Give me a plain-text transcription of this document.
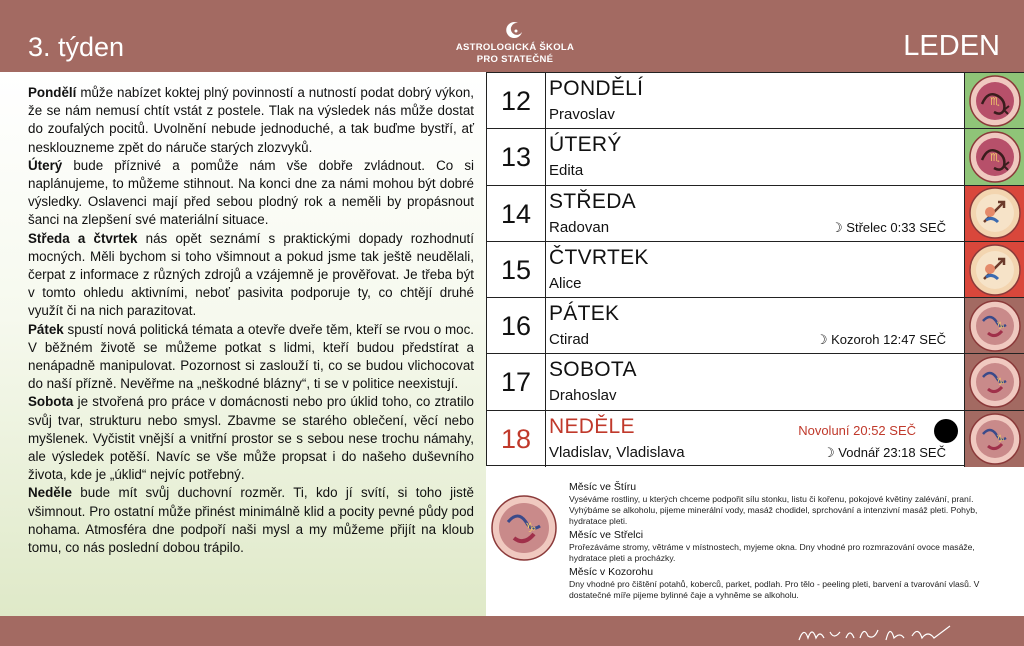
3. týden	ASTROLOGICKÁ ŠKOLA
PRO STATEČNÉ	LEDEN

Pondělí může nabízet koktej plný povinností a nutností podat dobrý výkon, že se nám nemusí chtít vstát z postele. Tlak na výsledek nás může dostat do zoufalých pocitů. Uvolnění nebude jednoduché, a tak buďme bystří, ať nesklouzneme zpět do náruče starých zlozvyků.

Úterý bude příznivé a pomůže nám vše dobře zvládnout. Co si naplánujeme, to můžeme stihnout. Na konci dne za námi mohou být dobré výsledky. Oslavenci mají před sebou plodný rok a neměli by propásnout šanci na zlepšení své materiální situace.

Středa a čtvrtek nás opět seznámí s praktickými dopady rozhodnutí mocných. Měli bychom si toho všimnout a pokud jsme tak ještě neudělali, čerpat z informace z různých zdrojů a vzájemně je prověřovat. Je třeba být v tomto ohledu aktivními, neboť pasivita podporuje ty, co chtějí druhé využít či na nich parazitovat.

Pátek spustí nová politická témata a otevře dveře těm, kteří se rvou o moc. V běžném životě se můžeme potkat s lidmi, kteří budou předstírat a nenápadně manipulovat. Pozornost si zaslouží ti, co se budou vlichocovat do naší přízně. Nevěřme na „neškodné blázny“, ti se v politice neexistují.

Sobota je stvořená pro práce v domácnosti nebo pro úklid toho, co ztratilo svůj tvar, strukturu nebo smysl. Zbavme se starého oblečení, věcí nebo myšlenek. Vyčistit vnější a vnitřní prostor se s sebou nese trochu námahy, ale výsledek potěší. Navíc se vše může propsat i do našeho duševního života, kde je „úklid“ nejvíc potřebný.

Neděle bude mít svůj duchovní rozměr. Ti, kdo jí svítí, si toho jistě všimnout. Pro ostatní může přinést minimálně klid a pocity pevné půdy pod nohama. Atmosféra dne podpoří naši mysl a my můžeme přijít na kloub tomu, co nás poslední dobou trápilo.

12 PONDĚLÍ
Pravoslav
♏
13 ÚTERÝ
Edita
♏
14 STŘEDA
Radovan	☽ Střelec 0:33 SEČ
15 ČTVRTEK
Alice
16 PÁTEK
Ctirad	☽ Kozoroh 12:47 SEČ
♑
17 SOBOTA
Drahoslav
♑
18 NEDĚLE
Vladislav, Vladislava
Novoluní 20:52 SEČ
☽ Vodnář 23:18 SEČ
♑
♑
Měsíc ve Štíru
Vyséváme rostliny, u kterých chceme podpořit sílu stonku, listu či kořenu, pokojové květiny zalévání, praní. Vyhýbáme se alkoholu, pijeme minerální vody, masáž chodidel, sprchování a intenzivní masáž pleti. Pohyb, hydratace pleti.
Měsíc ve Střelci
Prořezáváme stromy, větráme v místnostech, myjeme okna. Dny vhodné pro rozmrazování ovoce masáže, hydratace pleti a procházky.
Měsíc v Kozorohu
Dny vhodné pro čištění potahů, koberců, parket, podlah. Pro tělo - peeling pleti, barvení a tvarování vlasů. V dostatečné míře pijeme bylinné čaje a vyhněme se alkoholu.
